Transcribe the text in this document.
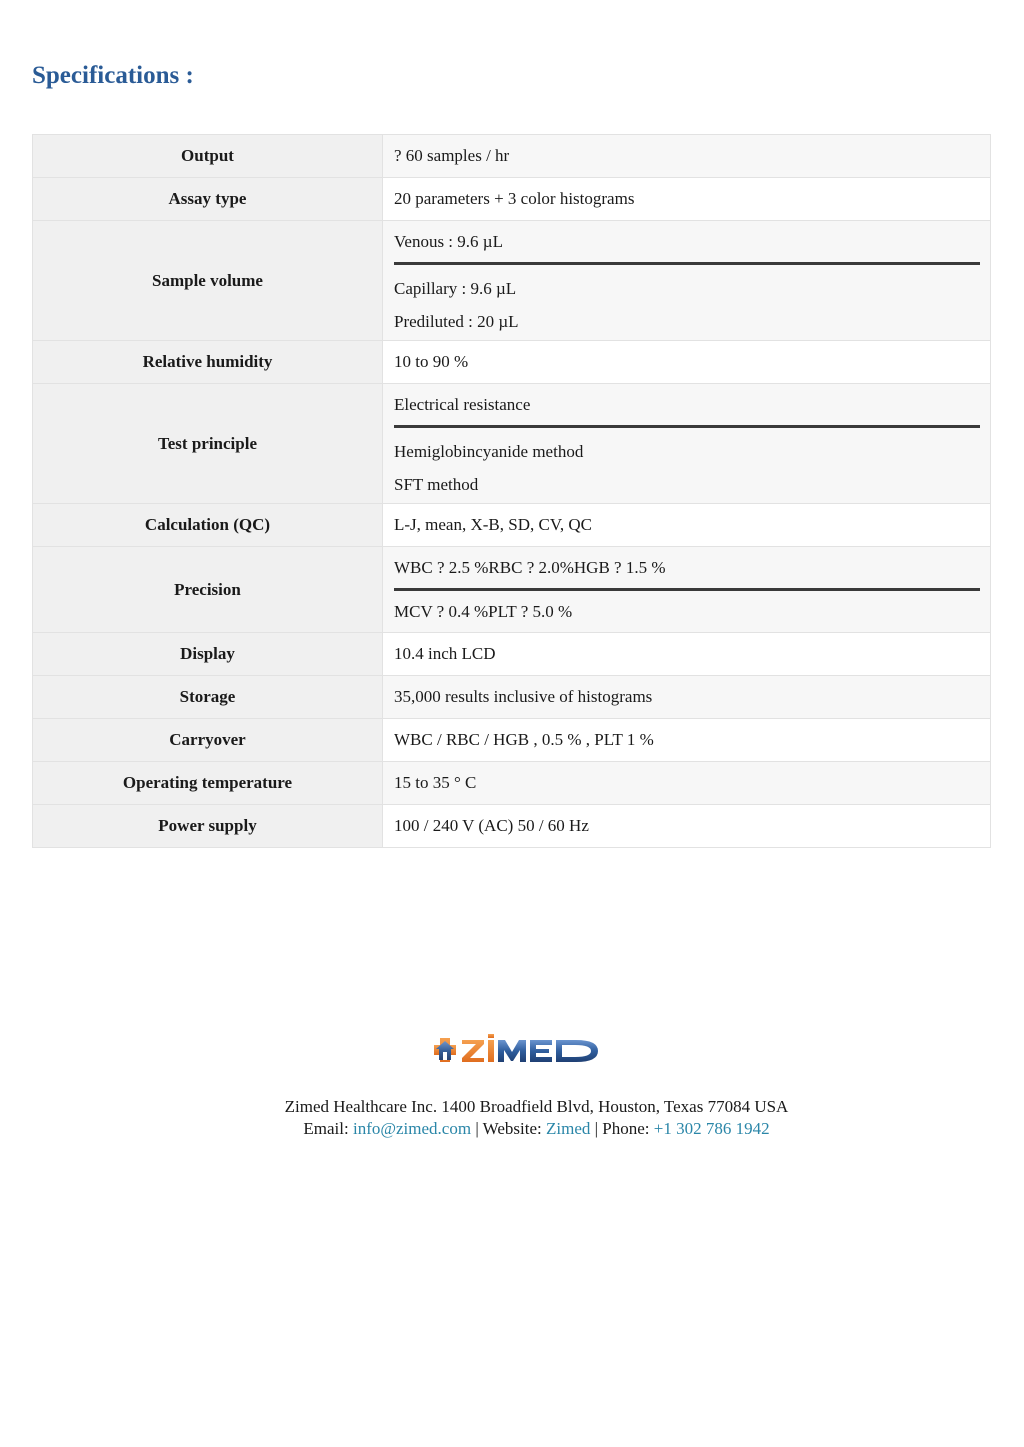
Specifications :
Output	? 60 samples / hr

Assay type	20 parameters + 3 color histograms

Sample volume	Venous : 9.6 µL
Capillary : 9.6 µL
Prediluted : 20 µL

Relative humidity	10 to 90 %

Test principle	Electrical resistance
Hemiglobincyanide method
SFT method

Calculation (QC)	L-J, mean, X-B, SD, CV, QC

Precision	WBC ? 2.5 %RBC ? 2.0%HGB ? 1.5 %
MCV ? 0.4 %PLT ? 5.0 %

Display	10.4 inch LCD

Storage	35,000 results inclusive of histograms

Carryover	WBC / RBC / HGB , 0.5 % , PLT 1 %

Operating temperature	15 to 35 ° C

Power supply	100 / 240 V (AC) 50 / 60 Hz

Zimed Healthcare Inc. 1400 Broadfield Blvd, Houston, Texas 77084 USA

Email: info@zimed.com | Website: Zimed | Phone: +1 302 786 1942
